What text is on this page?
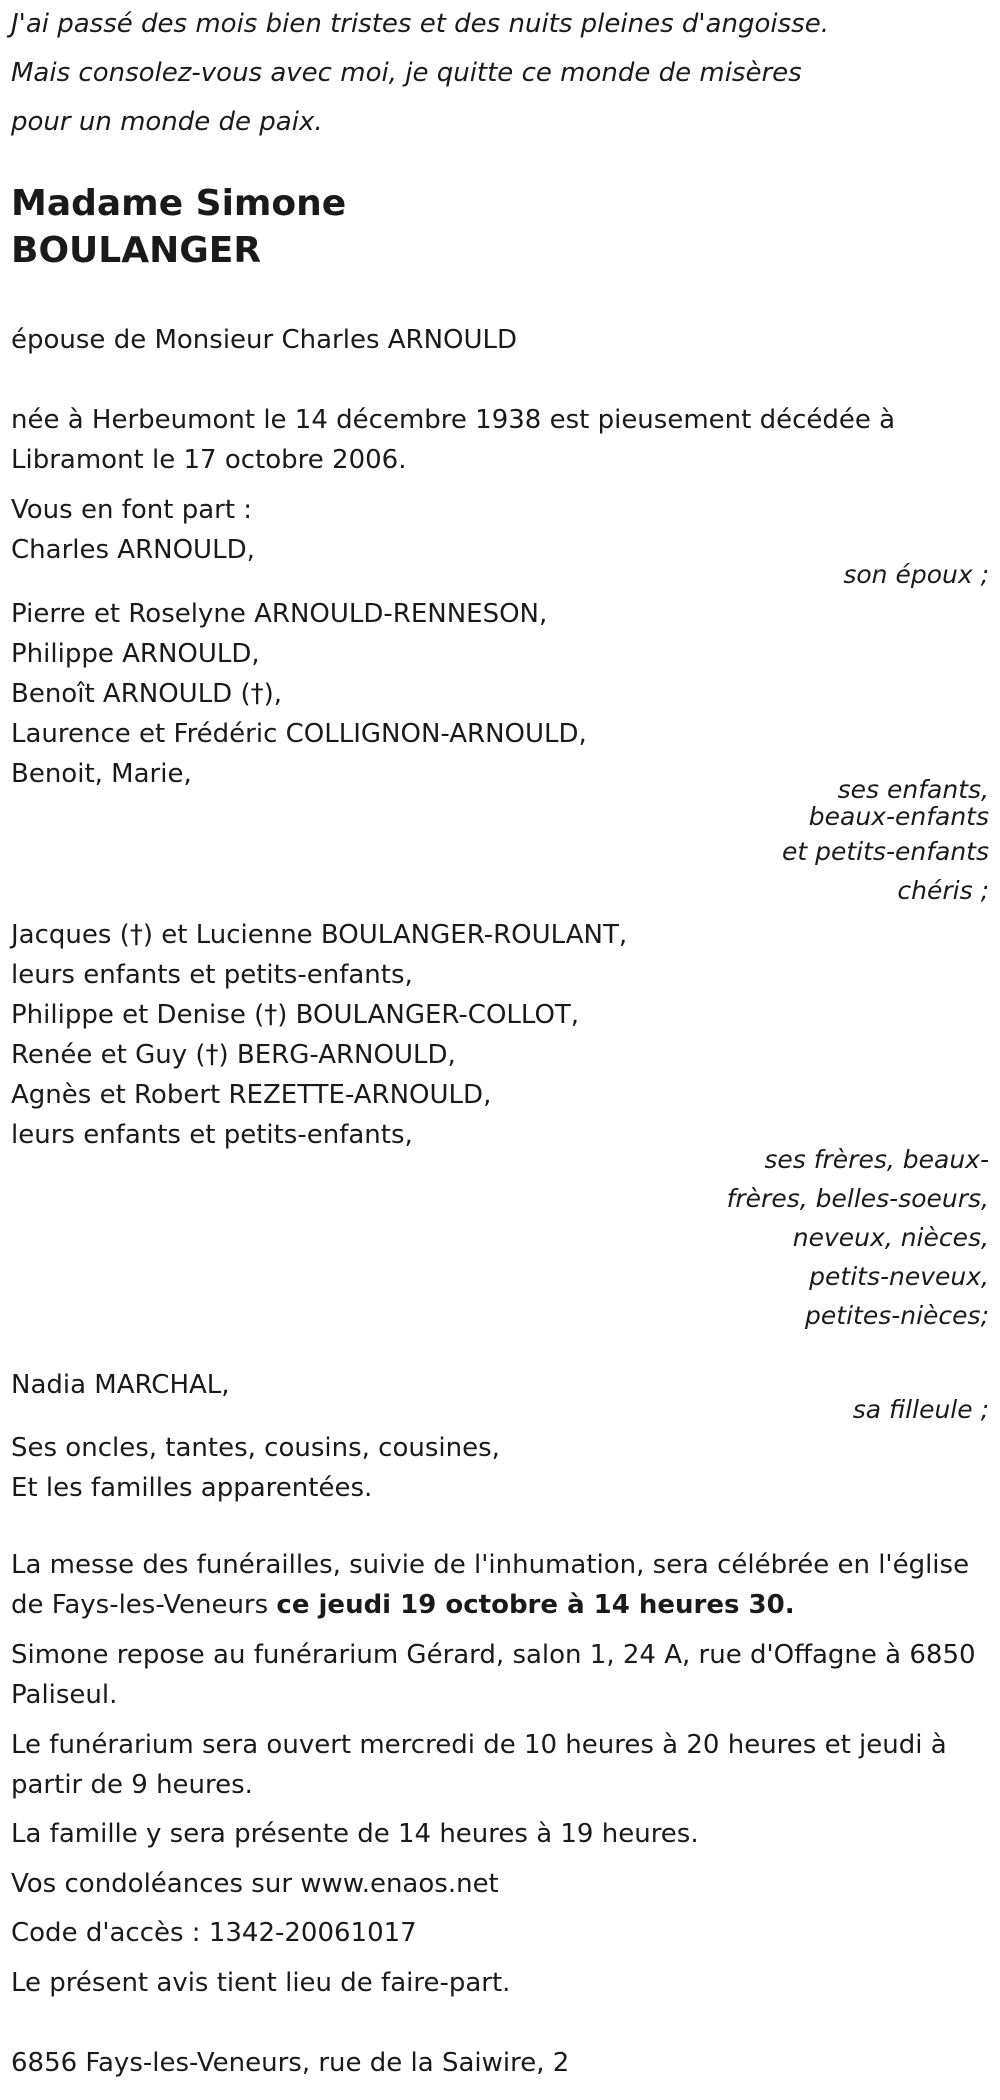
J'ai passé des mois bien tristes et des nuits pleines d'angoisse.
Mais consolez-vous avec moi, je quitte ce monde de misères
pour un monde de paix.
Madame Simone
BOULANGER
épouse de Monsieur Charles ARNOULD
née à Herbeumont le 14 décembre 1938 est pieusement décédée à
Libramont le 17 octobre 2006.
Vous en font part :
Charles ARNOULD,
son époux ;
Pierre et Roselyne ARNOULD-RENNESON,
Philippe ARNOULD,
Benoît ARNOULD (†),
Laurence et Frédéric COLLIGNON-ARNOULD,
Benoit, Marie,
ses enfants, beaux-enfants
et petits-enfants
chéris ;
Jacques (†) et Lucienne BOULANGER-ROULANT,
leurs enfants et petits-enfants,
Philippe et Denise (†) BOULANGER-COLLOT,
Renée et Guy (†) BERG-ARNOULD,
Agnès et Robert REZETTE-ARNOULD,
leurs enfants et petits-enfants,
ses frères, beaux-
frères, belles-soeurs,
neveux, nièces,
petits-neveux,
petites-nièces;
Nadia MARCHAL,
sa filleule ;
Ses oncles, tantes, cousins, cousines,
Et les familles apparentées.
La messe des funérailles, suivie de l'inhumation, sera célébrée en l'église
de Fays-les-Veneurs ce jeudi 19 octobre à 14 heures 30.
Simone repose au funérarium Gérard, salon 1, 24 A, rue d'Offagne à 6850
Paliseul.
Le funérarium sera ouvert mercredi de 10 heures à 20 heures et jeudi à
partir de 9 heures.
La famille y sera présente de 14 heures à 19 heures.
Vos condoléances sur www.enaos.net
Code d'accès : 1342-20061017
Le présent avis tient lieu de faire-part.
6856 Fays-les-Veneurs, rue de la Saiwire, 2
